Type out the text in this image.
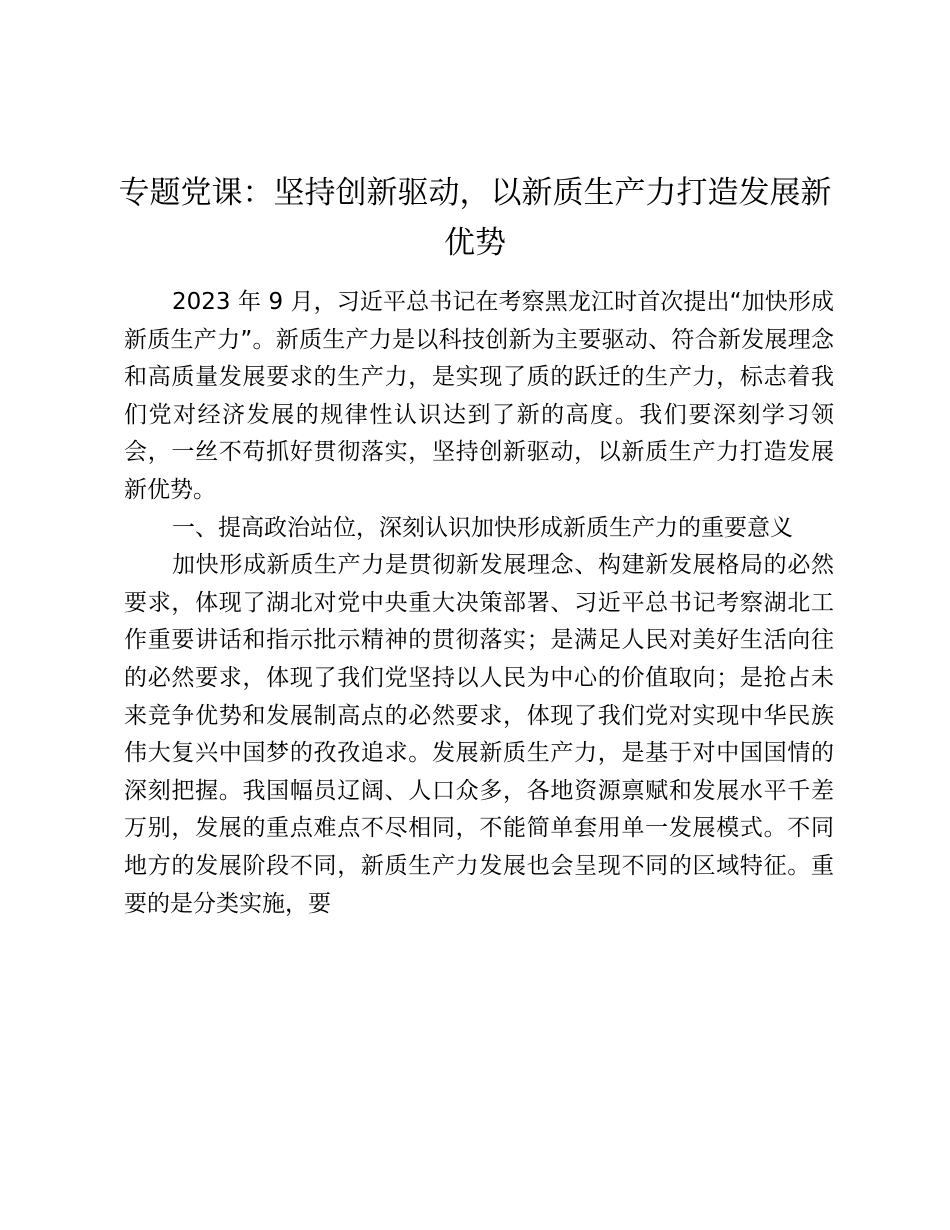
专题党课：坚持创新驱动，以新质生产力打造发展新优势

2023 年 9 月，习近平总书记在考察黑龙江时首次提出“加快形成新质生产力”。新质生产力是以科技创新为主要驱动、符合新发展理念和高质量发展要求的生产力，是实现了质的跃迁的生产力，标志着我们党对经济发展的规律性认识达到了新的高度。我们要深刻学习领会，一丝不苟抓好贯彻落实，坚持创新驱动，以新质生产力打造发展新优势。

一、提高政治站位，深刻认识加快形成新质生产力的重要意义

加快形成新质生产力是贯彻新发展理念、构建新发展格局的必然要求，体现了湖北对党中央重大决策部署、习近平总书记考察湖北工作重要讲话和指示批示精神的贯彻落实；是满足人民对美好生活向往的必然要求，体现了我们党坚持以人民为中心的价值取向；是抢占未来竞争优势和发展制高点的必然要求，体现了我们党对实现中华民族伟大复兴中国梦的孜孜追求。发展新质生产力，是基于对中国国情的深刻把握。我国幅员辽阔、人口众多，各地资源禀赋和发展水平千差万别，发展的重点难点不尽相同，不能简单套用单一发展模式。不同地方的发展阶段不同，新质生产力发展也会呈现不同的区域特征。重要的是分类实施，要
